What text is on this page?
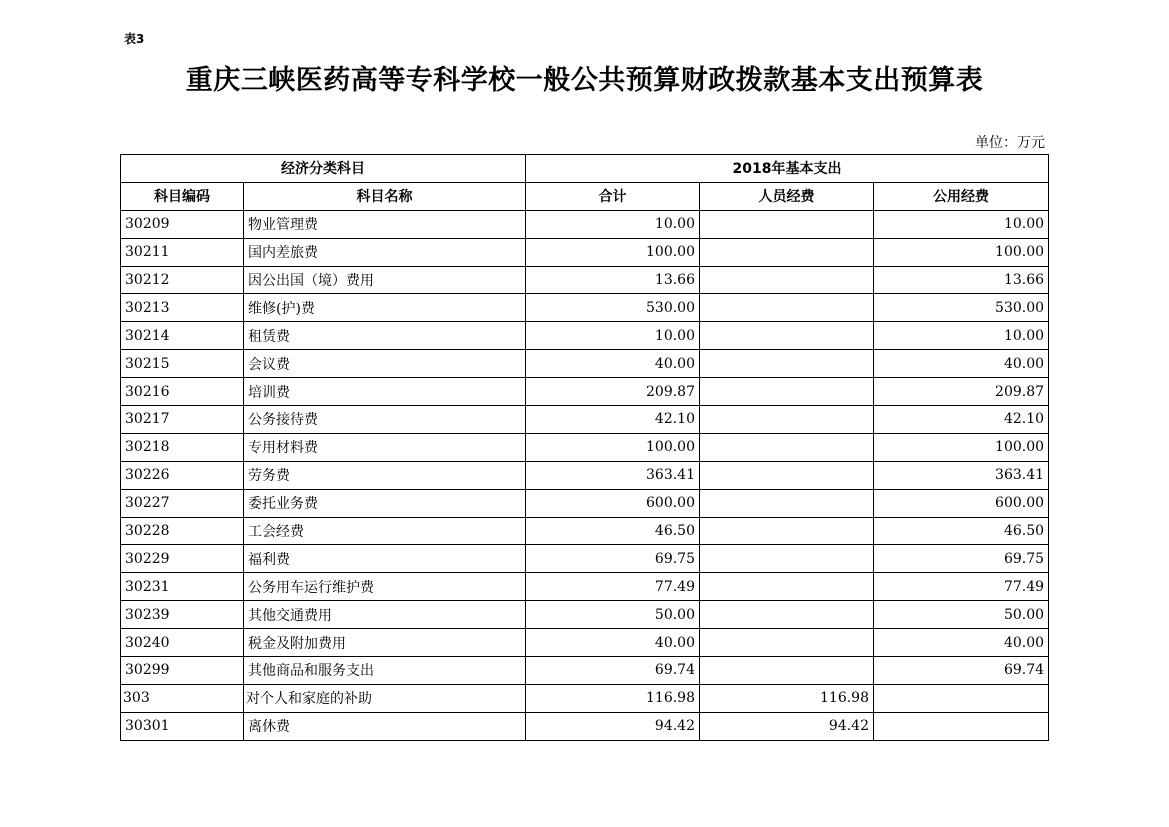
表3
重庆三峡医药高等专科学校一般公共预算财政拨款基本支出预算表
单位：万元
经济分类科目		2018年基本支出		
科目编码	科目名称	合计	人员经费	公用经费
30209	物业管理费	10.00		10.00
30211	国内差旅费	100.00		100.00
30212	因公出国（境）费用	13.66		13.66
30213	维修(护)费	530.00		530.00
30214	租赁费	10.00		10.00
30215	会议费	40.00		40.00
30216	培训费	209.87		209.87
30217	公务接待费	42.10		42.10
30218	专用材料费	100.00		100.00
30226	劳务费	363.41		363.41
30227	委托业务费	600.00		600.00
30228	工会经费	46.50		46.50
30229	福利费	69.75		69.75
30231	公务用车运行维护费	77.49		77.49
30239	其他交通费用	50.00		50.00
30240	税金及附加费用	40.00		40.00
30299	其他商品和服务支出	69.74		69.74
303	对个人和家庭的补助	116.98	116.98	
30301	离休费	94.42	94.42	
